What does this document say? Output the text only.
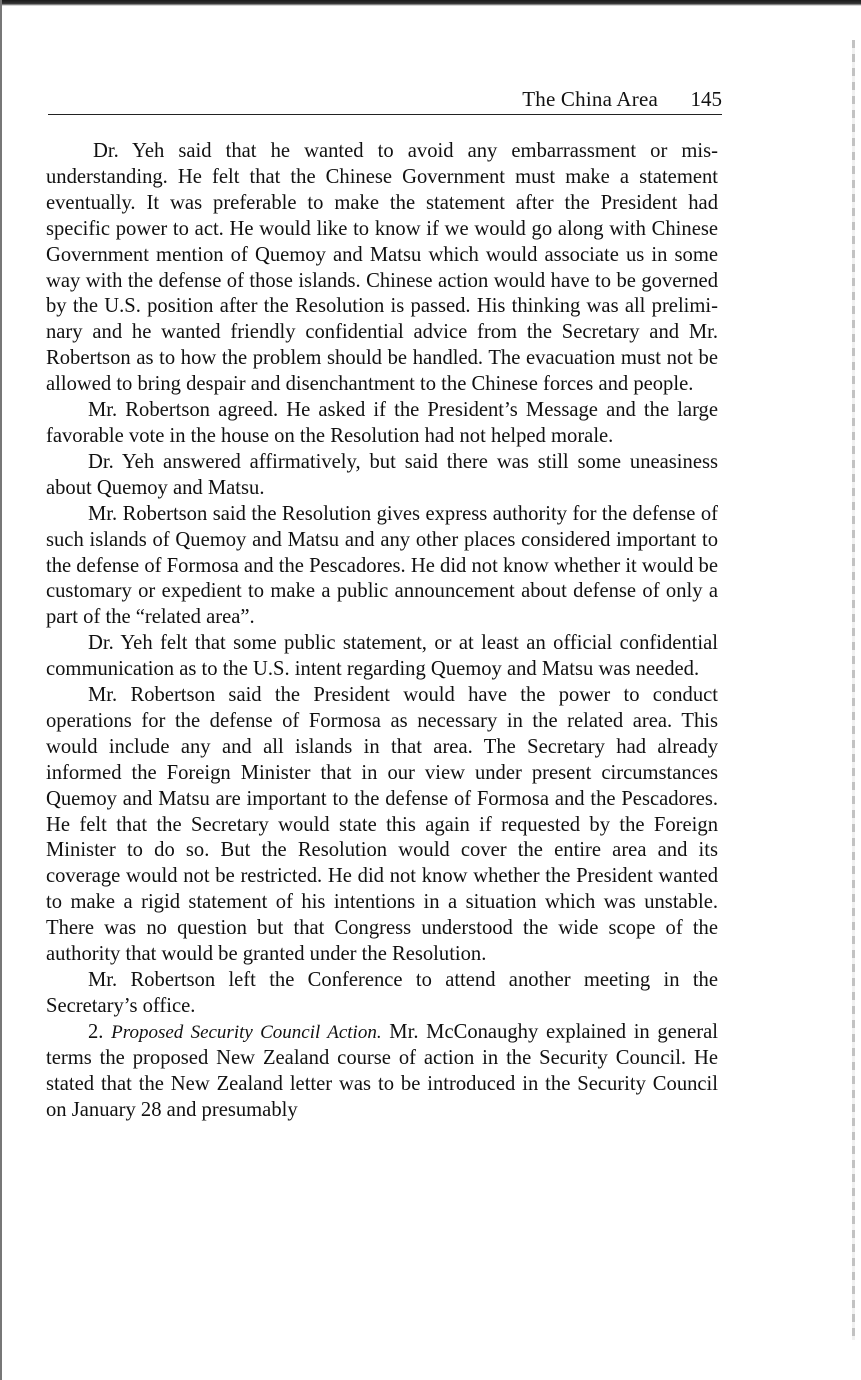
The China Area 145

Dr. Yeh said that he wanted to avoid any embarrassment or misunderstanding. He felt that the Chinese Government must make a statement eventually. It was preferable to make the statement after the President had specific power to act. He would like to know if we would go along with Chinese Government mention of Quemoy and Matsu which would associate us in some way with the defense of those islands. Chinese action would have to be governed by the U.S. position after the Resolution is passed. His thinking was all preliminary and he wanted friendly confidential advice from the Secretary and Mr. Robertson as to how the problem should be handled. The evacuation must not be allowed to bring despair and disenchantment to the Chinese forces and people.

Mr. Robertson agreed. He asked if the President’s Message and the large favorable vote in the house on the Resolution had not helped morale.

Dr. Yeh answered affirmatively, but said there was still some uneasiness about Quemoy and Matsu.

Mr. Robertson said the Resolution gives express authority for the defense of such islands of Quemoy and Matsu and any other places considered important to the defense of Formosa and the Pescadores. He did not know whether it would be customary or expedient to make a public announcement about defense of only a part of the “related area”.

Dr. Yeh felt that some public statement, or at least an official confidential communication as to the U.S. intent regarding Quemoy and Matsu was needed.

Mr. Robertson said the President would have the power to conduct operations for the defense of Formosa as necessary in the related area. This would include any and all islands in that area. The Secretary had already informed the Foreign Minister that in our view under present circumstances Quemoy and Matsu are important to the defense of Formosa and the Pescadores. He felt that the Secretary would state this again if requested by the Foreign Minister to do so. But the Resolution would cover the entire area and its coverage would not be restricted. He did not know whether the President wanted to make a rigid statement of his intentions in a situation which was unstable. There was no question but that Congress understood the wide scope of the authority that would be granted under the Resolution.

Mr. Robertson left the Conference to attend another meeting in the Secretary’s office.

2. Proposed Security Council Action. Mr. McConaughy explained in general terms the proposed New Zealand course of action in the Security Council. He stated that the New Zealand letter was to be introduced in the Security Council on January 28 and presumably
